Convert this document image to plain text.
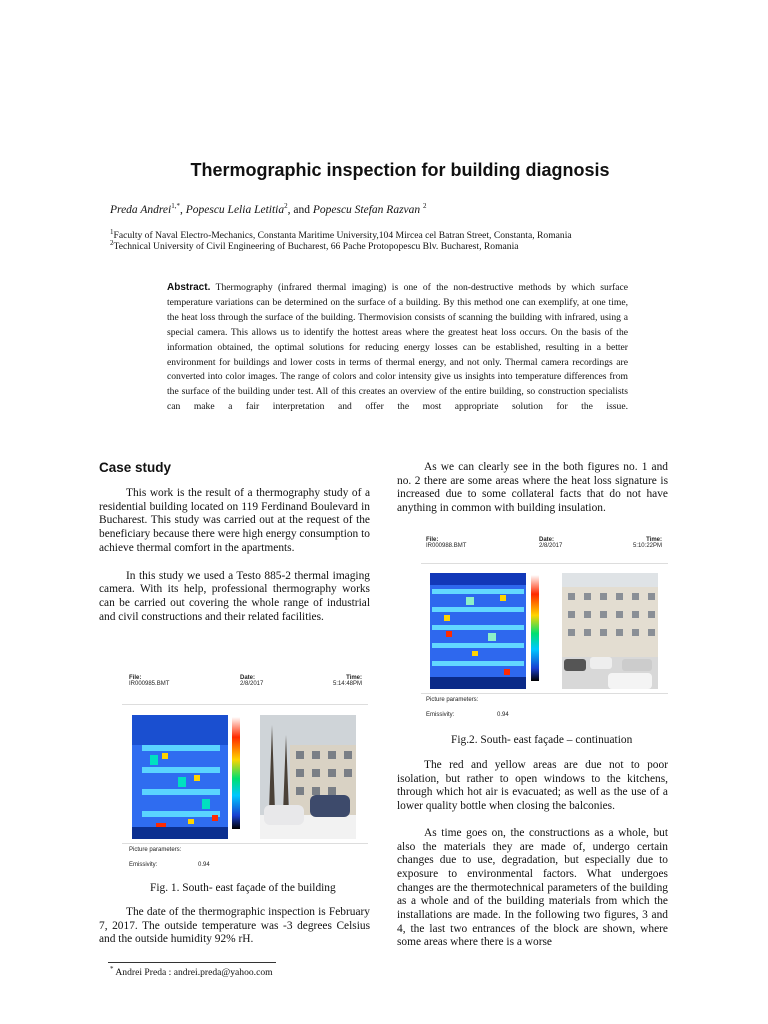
Thermographic inspection for building diagnosis
Preda Andrei$^{1,*}$, Popescu Lelia Letitia$^2$, and Popescu Stefan Razvan $^2$
$^1$Faculty of Naval Electro-Mechanics, Constanta Maritime University,104 Mircea cel Batran Street, Constanta, Romania
$^2$Technical University of Civil Engineering of Bucharest, 66 Pache Protopopescu Blv. Bucharest, Romania
Abstract. Thermography (infrared thermal imaging) is one of the non-destructive methods by which surface temperature variations can be determined on the surface of a building. By this method one can exemplify, at one time, the heat loss through the surface of the building. Thermovision consists of scanning the building with infrared, using a special camera. This allows us to identify the hottest areas where the greatest heat loss occurs. On the basis of the information obtained, the optimal solutions for reducing energy losses can be established, resulting in a better environment for buildings and lower costs in terms of thermal energy, and not only. Thermal camera recordings are converted into color images. The range of colors and color intensity give us insights into temperature differences from the surface of the building under test. All of this creates an overview of the entire building, so construction specialists can make a fair interpretation and offer the most appropriate solution for the issue.
Case study

This work is the result of a thermography study of a residential building located on 119 Ferdinand Boulevard in Bucharest. This study was carried out at the request of the beneficiary because there were high energy consumption to achieve thermal comfort in the apartments.

In this study we used a Testo 885-2 thermal imaging camera. With its help, professional thermography works can be carried out covering the whole range of industrial and civil constructions and their related facilities.

File:
IR000985.BMT
Date:
2/8/2017
Time:
5:14:48PM
Picture parameters:
Emissivity:	0.94
Fig. 1. South- east façade of the building

The date of the thermographic inspection is February 7, 2017. The outside temperature was -3 degrees Celsius and the outside humidity 92% rH.

As we can clearly see in the both figures no. 1 and no. 2 there are some areas where the heat loss signature is increased due to some collateral facts that do not have anything in common with building insulation.

File:
IR000988.BMT
Date:
2/8/2017
Time:
5:10:22PM
Picture parameters:
Emissivity:	0.94
Fig.2. South- east façade – continuation

The red and yellow areas are due not to poor isolation, but rather to open windows to the kitchens, through which hot air is evacuated; as well as the use of a lower quality bottle when closing the balconies.

As time goes on, the constructions as a whole, but also the materials they are made of, undergo certain changes due to use, degradation, but especially due to exposure to environmental factors. What undergoes changes are the thermotechnical parameters of the building as a whole and of the building materials from which the installations are made. In the following two figures, 3 and 4, the last two entrances of the block are shown, where some areas where there is a worse

* Andrei Preda : andrei.preda@yahoo.com
